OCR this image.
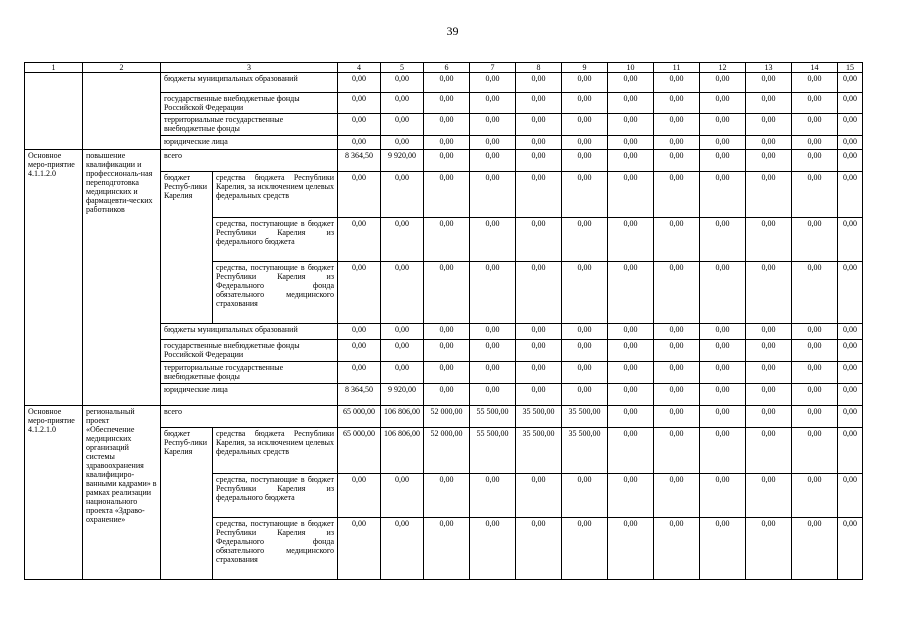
39
1	2	3		4	5	6	7	8	9	10	11	12	13	14	15
		бюджеты муниципальных образований		0,00	0,00	0,00	0,00	0,00	0,00	0,00	0,00	0,00	0,00	0,00	0,00
		государственные внебюджетные фонды Российской Федерации		0,00	0,00	0,00	0,00	0,00	0,00	0,00	0,00	0,00	0,00	0,00	0,00
		территориальные государственные внебюджетные фонды		0,00	0,00	0,00	0,00	0,00	0,00	0,00	0,00	0,00	0,00	0,00	0,00
		юридические лица		0,00	0,00	0,00	0,00	0,00	0,00	0,00	0,00	0,00	0,00	0,00	0,00
Основное меро-приятие 4.1.1.2.0	повышение квалификации и профессиональ-ная переподготовка медицинских и фармацевти-ческих работников	всего		8 364,50	9 920,00	0,00	0,00	0,00	0,00	0,00	0,00	0,00	0,00	0,00	0,00
		бюджет Респуб-лики Карелия	средства бюджета Республики Карелия, за исключением целевых федеральных средств	0,00	0,00	0,00	0,00	0,00	0,00	0,00	0,00	0,00	0,00	0,00	0,00
			средства, поступающие в бюджет Республики Карелия из федерального бюджета	0,00	0,00	0,00	0,00	0,00	0,00	0,00	0,00	0,00	0,00	0,00	0,00
			средства, поступающие в бюджет Республики Карелия из Федерального фонда обязательного медицинского страхования	0,00	0,00	0,00	0,00	0,00	0,00	0,00	0,00	0,00	0,00	0,00	0,00
		бюджеты муниципальных образований		0,00	0,00	0,00	0,00	0,00	0,00	0,00	0,00	0,00	0,00	0,00	0,00
		государственные внебюджетные фонды Российской Федерации		0,00	0,00	0,00	0,00	0,00	0,00	0,00	0,00	0,00	0,00	0,00	0,00
		территориальные государственные внебюджетные фонды		0,00	0,00	0,00	0,00	0,00	0,00	0,00	0,00	0,00	0,00	0,00	0,00
		юридические лица		8 364,50	9 920,00	0,00	0,00	0,00	0,00	0,00	0,00	0,00	0,00	0,00	0,00
Основное меро-приятие 4.1.2.1.0	региональный проект «Обеспечение медицинских организаций системы здравоохранения квалифициро-ванными кадрами» в рамках реализации национального проекта «Здраво-охранение»	всего		65 000,00	106 806,00	52 000,00	55 500,00	35 500,00	35 500,00	0,00	0,00	0,00	0,00	0,00	0,00
		бюджет Респуб-лики Карелия	средства бюджета Республики Карелия, за исключением целевых федеральных средств	65 000,00	106 806,00	52 000,00	55 500,00	35 500,00	35 500,00	0,00	0,00	0,00	0,00	0,00	0,00
			средства, поступающие в бюджет Республики Карелия из федерального бюджета	0,00	0,00	0,00	0,00	0,00	0,00	0,00	0,00	0,00	0,00	0,00	0,00
			средства, поступающие в бюджет Республики Карелия из Федерального фонда обязательного медицинского страхования	0,00	0,00	0,00	0,00	0,00	0,00	0,00	0,00	0,00	0,00	0,00	0,00
